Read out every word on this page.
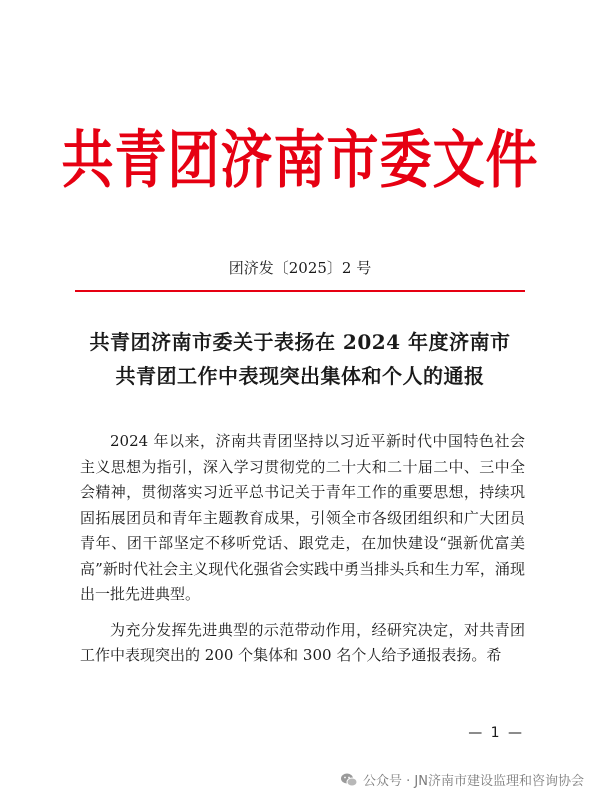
共青团济南市委文件
团济发〔2025〕2 号
共青团济南市委关于表扬在 2024 年度济南市
共青团工作中表现突出集体和个人的通报

2024 年以来，济南共青团坚持以习近平新时代中国特色社会主义思想为指引，深入学习贯彻党的二十大和二十届二中、三中全会精神，贯彻落实习近平总书记关于青年工作的重要思想，持续巩固拓展团员和青年主题教育成果，引领全市各级团组织和广大团员青年、团干部坚定不移听党话、跟党走，在加快建设“强新优富美高”新时代社会主义现代化强省会实践中勇当排头兵和生力军，涌现出一批先进典型。

为充分发挥先进典型的示范带动作用，经研究决定，对共青团工作中表现突出的 200 个集体和 300 名个人给予通报表扬。希

— 1 —
公众号 · JN济南市建设监理和咨询协会
